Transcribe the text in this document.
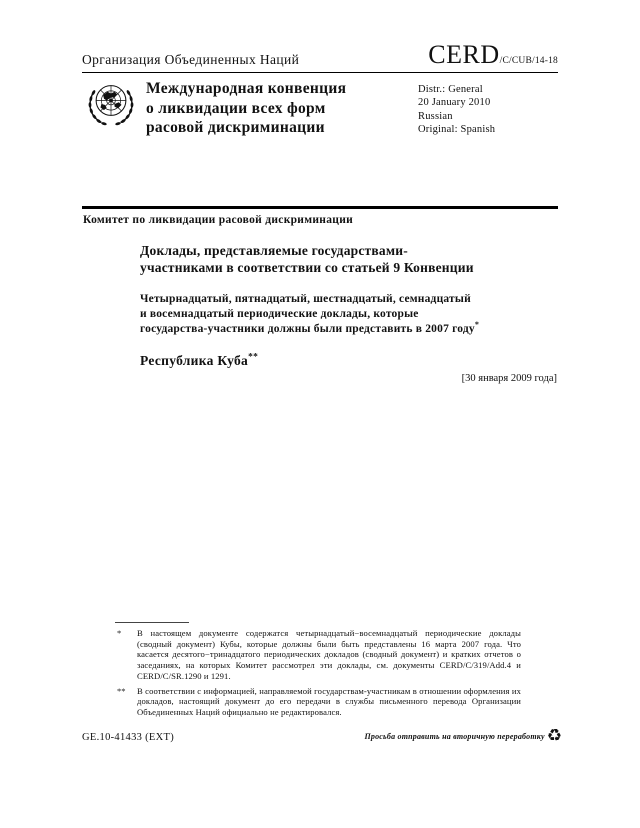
Организация Объединенных Наций	CERD/C/CUB/14-18
Международная конвенция
о ликвидации всех форм
расовой дискриминации
Distr.: General
20 January 2010
Russian
Original: Spanish
Комитет по ликвидации расовой дискриминации
Доклады, представляемые государствами-
участниками в соответствии со статьей 9 Конвенции
Четырнадцатый, пятнадцатый, шестнадцатый, семнадцатый
и восемнадцатый периодические доклады, которые
государства-участники должны были представить в 2007 году*
Республика Куба**
[30 января 2009 года]
*	В настоящем документе содержатся четырнадцатый−восемнадцатый периодические доклады (сводный документ) Кубы, которые должны были быть представлены 16 марта 2007 года. Что касается десятого−тринадцатого периодических докладов (сводный документ) и кратких отчетов о заседаниях, на которых Комитет рассмотрел эти доклады, см. документы CERD/C/319/Add.4 и CERD/C/SR.1290 и 1291.
**	В соответствии с информацией, направляемой государствам-участникам в отношении оформления их докладов, настоящий документ до его передачи в службы письменного перевода Организации Объединенных Наций официально не редактировался.
GE.10-41433 (EXT)	Просьба отправить на вторичную переработку ♻
